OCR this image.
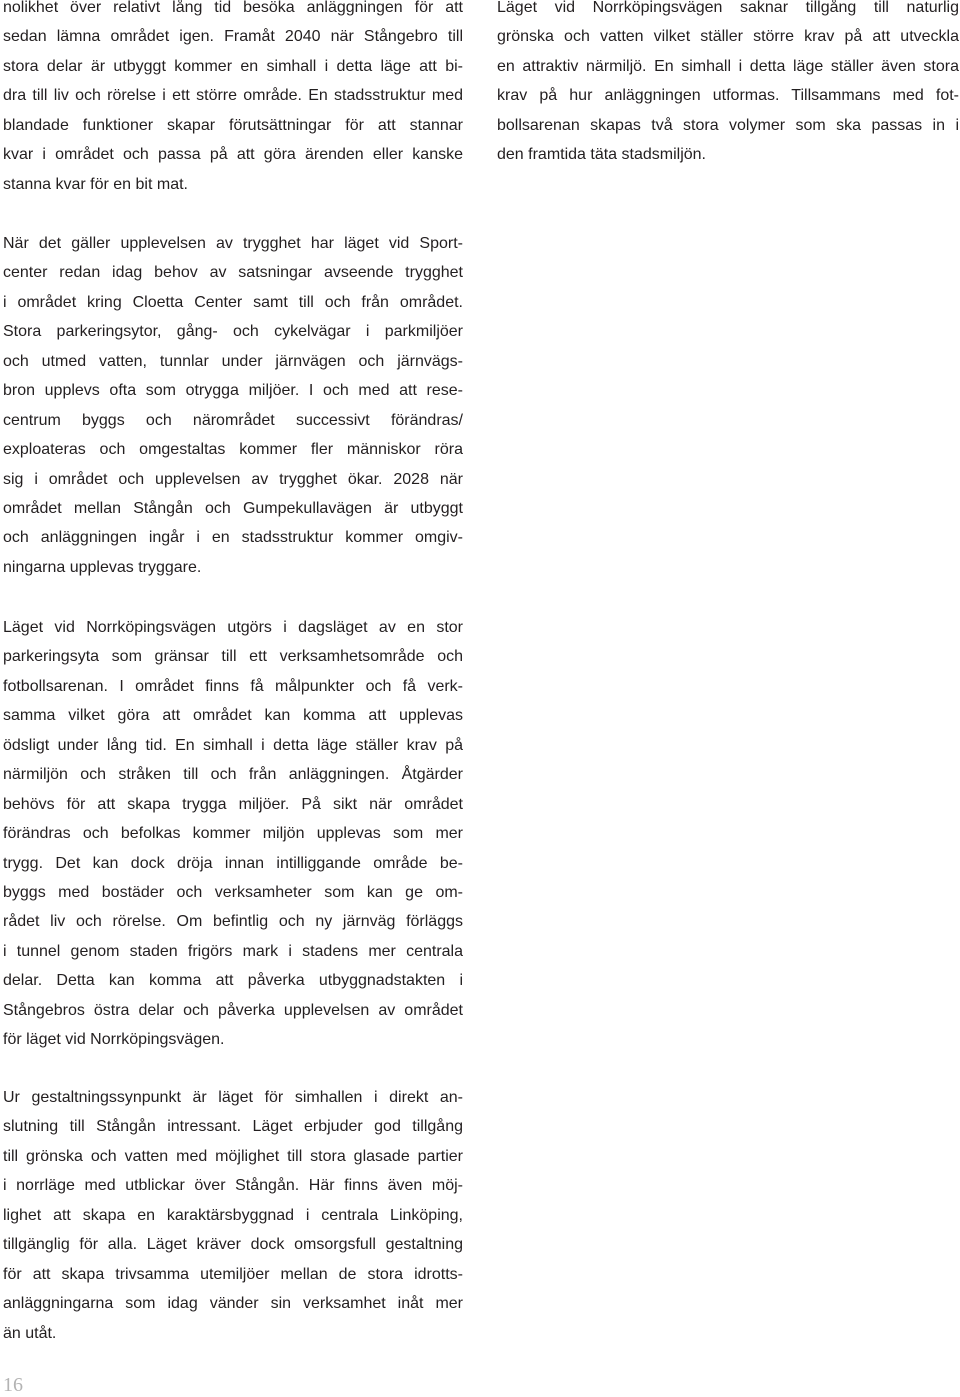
nolikhet över relativt lång tid besöka anläggningen för att
sedan lämna området igen. Framåt 2040 när Stångebro till
stora delar är utbyggt kommer en simhall i detta läge att bi-
dra till liv och rörelse i ett större område. En stadsstruktur med
blandade funktioner skapar förutsättningar för att stannar
kvar i området och passa på att göra ärenden eller kanske
stanna kvar för en bit mat.
När det gäller upplevelsen av trygghet har läget vid Sport-
center redan idag behov av satsningar avseende trygghet
i området kring Cloetta Center samt till och från området.
Stora parkeringsytor, gång- och cykelvägar i parkmiljöer
och utmed vatten, tunnlar under järnvägen och järnvägs-
bron upplevs ofta som otrygga miljöer. I och med att rese-
centrum byggs och närområdet successivt förändras/
exploateras och omgestaltas kommer fler människor röra
sig i området och upplevelsen av trygghet ökar. 2028 när
området mellan Stångån och Gumpekullavägen är utbyggt
och anläggningen ingår i en stadsstruktur kommer omgiv-
ningarna upplevas tryggare.
Läget vid Norrköpingsvägen utgörs i dagsläget av en stor
parkeringsyta som gränsar till ett verksamhetsområde och
fotbollsarenan. I området finns få målpunkter och få verk-
samma vilket göra att området kan komma att upplevas
ödsligt under lång tid. En simhall i detta läge ställer krav på
närmiljön och stråken till och från anläggningen. Åtgärder
behövs för att skapa trygga miljöer. På sikt när området
förändras och befolkas kommer miljön upplevas som mer
trygg. Det kan dock dröja innan intilliggande område be-
byggs med bostäder och verksamheter som kan ge om-
rådet liv och rörelse. Om befintlig och ny järnväg förläggs
i tunnel genom staden frigörs mark i stadens mer centrala
delar. Detta kan komma att påverka utbyggnadstakten i
Stångebros östra delar och påverka upplevelsen av området
för läget vid Norrköpingsvägen.
Ur gestaltningssynpunkt är läget för simhallen i direkt an-
slutning till Stångån intressant. Läget erbjuder god tillgång
till grönska och vatten med möjlighet till stora glasade partier
i norrläge med utblickar över Stångån. Här finns även möj-
lighet att skapa en karaktärsbyggnad i centrala Linköping,
tillgänglig för alla. Läget kräver dock omsorgsfull gestaltning
för att skapa trivsamma utemiljöer mellan de stora idrotts-
anläggningarna som idag vänder sin verksamhet inåt mer
än utåt.
Läget vid Norrköpingsvägen saknar tillgång till naturlig
grönska och vatten vilket ställer större krav på att utveckla
en attraktiv närmiljö. En simhall i detta läge ställer även stora
krav på hur anläggningen utformas. Tillsammans med fot-
bollsarenan skapas två stora volymer som ska passas in i
den framtida täta stadsmiljön.
16
